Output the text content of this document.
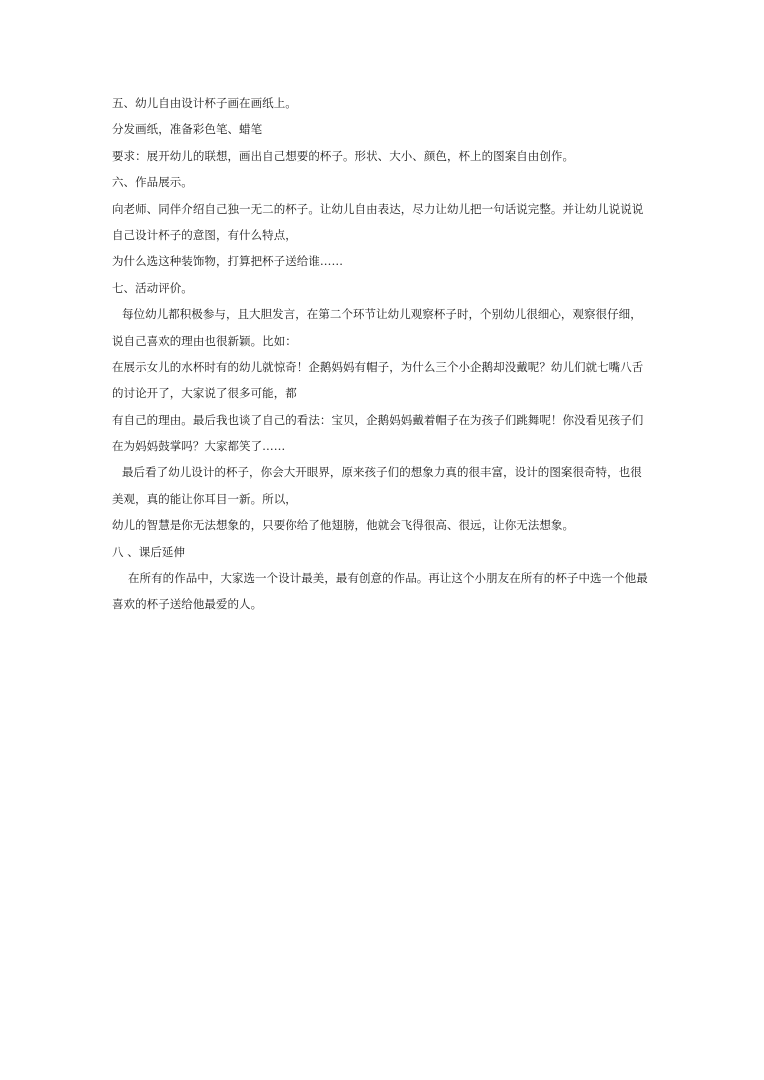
五、幼儿自由设计杯子画在画纸上。
分发画纸，准备彩色笔、蜡笔
要求：展开幼儿的联想，画出自己想要的杯子。形状、大小、颜色，杯上的图案自由创作。
六、作品展示。
向老师、同伴介绍自己独一无二的杯子。让幼儿自由表达，尽力让幼儿把一句话说完整。并让幼儿说说说
自己设计杯子的意图，有什么特点，
为什么选这种装饰物，打算把杯子送给谁……
七、活动评价。
每位幼儿都积极参与，且大胆发言，在第二个环节让幼儿观察杯子时，个别幼儿很细心，观察很仔细，
说自己喜欢的理由也很新颖。比如：
在展示女儿的水杯时有的幼儿就惊奇！企鹅妈妈有帽子，为什么三个小企鹅却没戴呢？幼儿们就七嘴八舌
的讨论开了，大家说了很多可能，都
有自己的理由。最后我也谈了自己的看法：宝贝，企鹅妈妈戴着帽子在为孩子们跳舞呢！你没看见孩子们
在为妈妈鼓掌吗？大家都笑了……
最后看了幼儿设计的杯子，你会大开眼界，原来孩子们的想象力真的很丰富，设计的图案很奇特，也很
美观，真的能让你耳目一新。所以，
幼儿的智慧是你无法想象的，只要你给了他翅膀，他就会飞得很高、很远，让你无法想象。
八 、课后延伸
在所有的作品中，大家选一个设计最美，最有创意的作品。再让这个小朋友在所有的杯子中选一个他最
喜欢的杯子送给他最爱的人。
